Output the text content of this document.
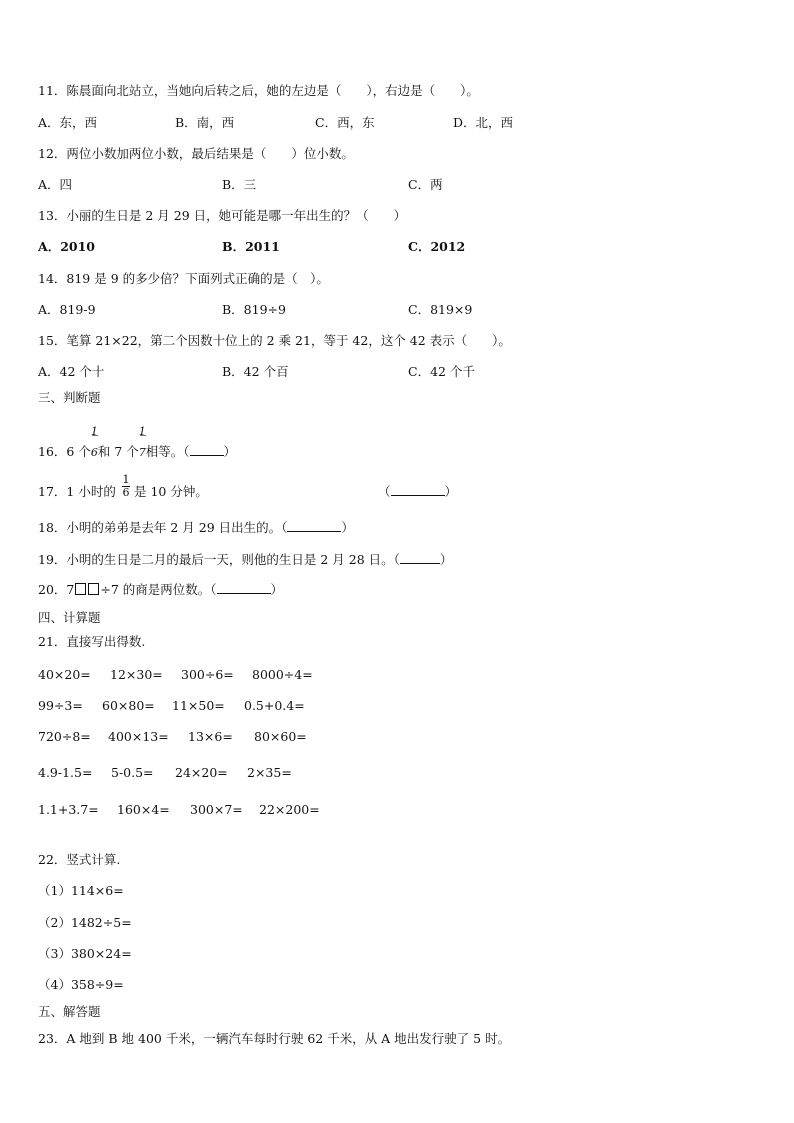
11．陈晨面向北站立，当她向后转之后，她的左边是（　　），右边是（　　）。
A．东，西	B．南，西	C．西，东	D．北，西
12．两位小数加两位小数，最后结果是（　　）位小数。
A．四	B．三	C．两
13．小丽的生日是 2 月 29 日，她可能是哪一年出生的？（　　）
A．2010	B．2011	C．2012
14．819 是 9 的多少倍？下面列式正确的是（　）。
A．819-9	B．819÷9	C．819×9
15．笔算 21×22，第二个因数十位上的 2 乘 21，等于 42，这个 42 表示（　　）。
A．42 个十	B．42 个百	C．42 个千
三、判断题
16．6 个 $\frac{1}{6}$和 7 个 $\frac{1}{7}$相等。（	）
17．1 小时的
1
6 是 10 分钟。	（	）
18．小明的弟弟是去年 2 月 29 日出生的。（	）
19．小明的生日是二月的最后一天，则他的生日是 2 月 28 日。（	）
20．7 ÷7 的商是两位数。（	）
四、计算题
21．直接写出得数.
40×20= 12×30= 300÷6= 8000÷4=
99÷3= 60×80= 11×50= 0.5+0.4=
720÷8= 400×13= 13×6= 80×60=
4.9-1.5= 5-0.5= 24×20= 2×35=
1.1+3.7= 160×4= 300×7= 22×200=
22．竖式计算.
（1）114×6=
（2）1482÷5=
（3）380×24=
（4）358÷9=
五、解答题
23．A 地到 B 地 400 千米，一辆汽车每时行驶 62 千米，从 A 地出发行驶了 5 时。
